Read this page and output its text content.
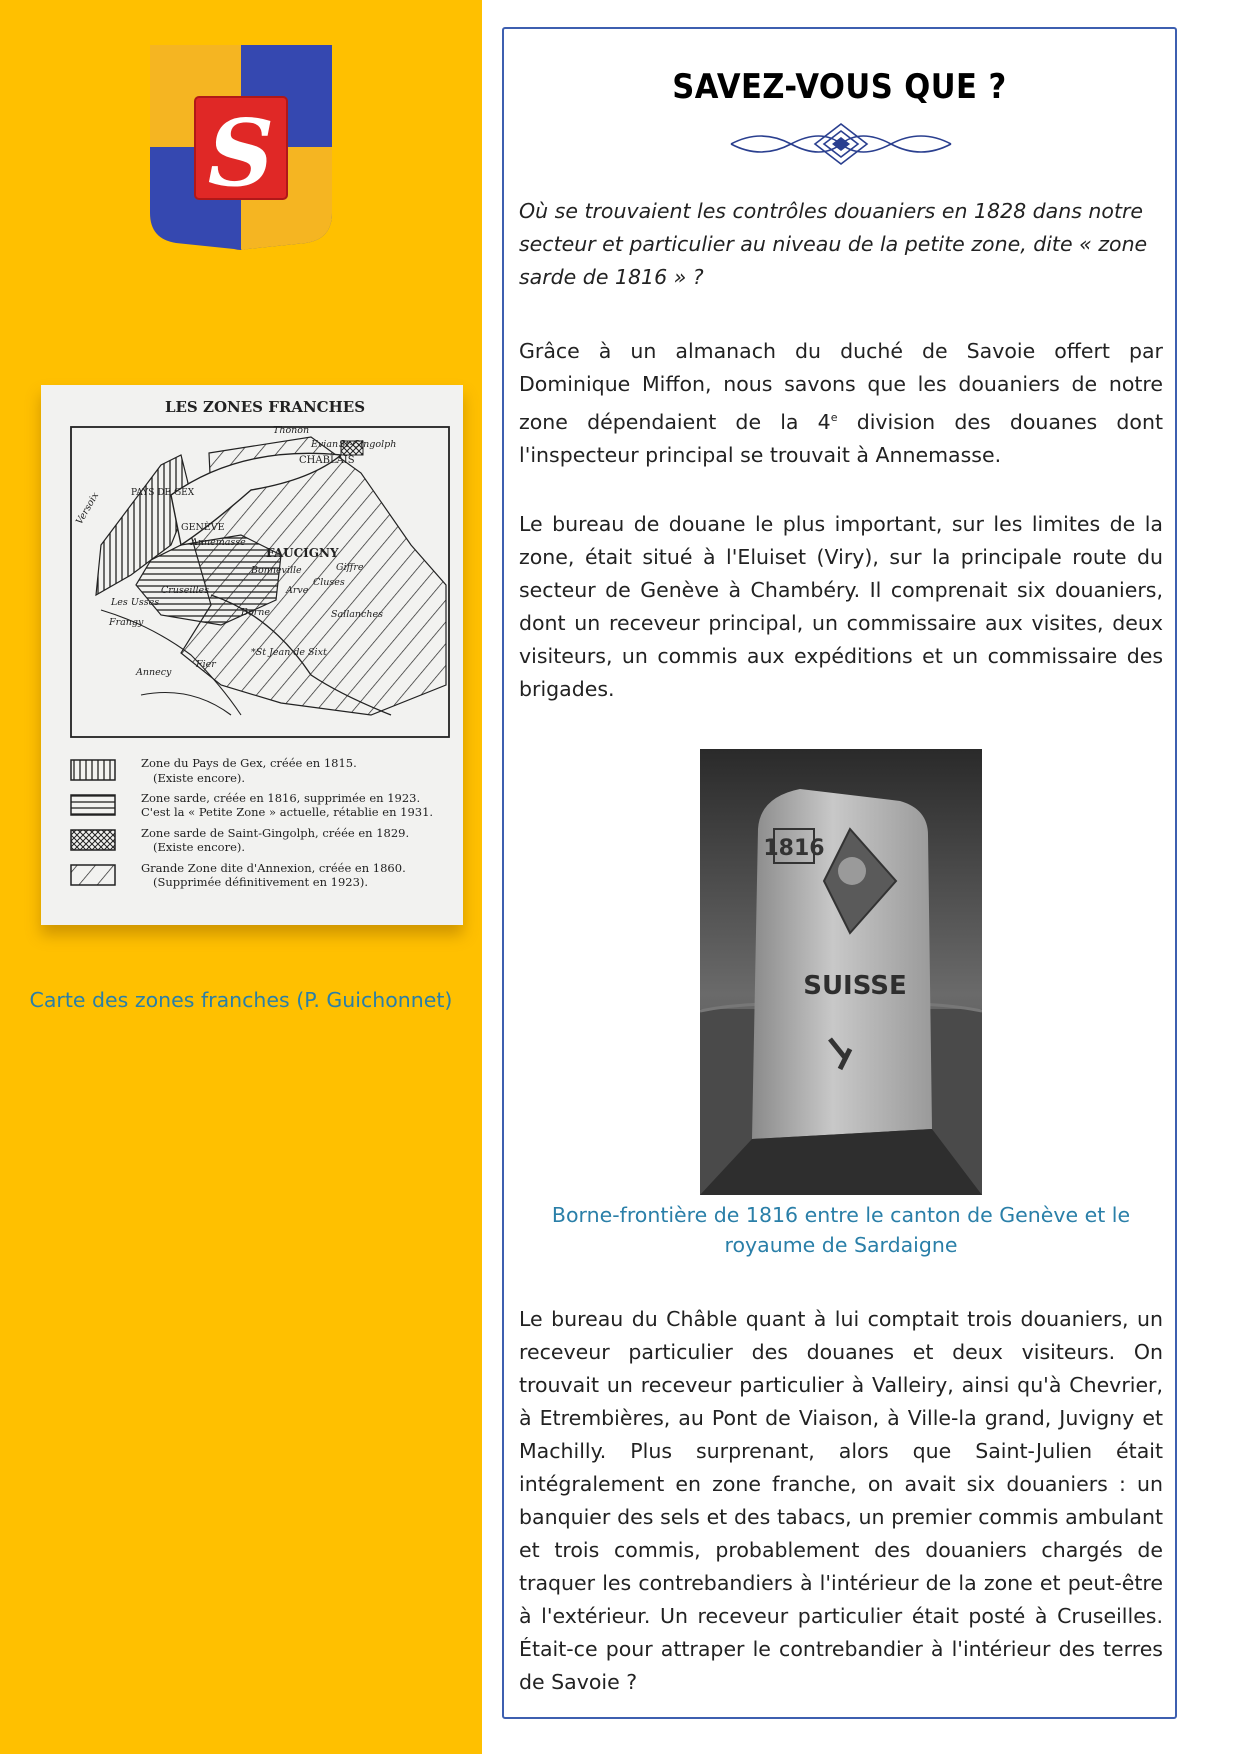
S
LES ZONES FRANCHES
Thonon
Evian St-Gingolph
CHABLAIS
PAYS DE GEX
Versoix
GENÈVE
Annemasse
FAUCIGNY
Bonneville	Giffre
Arve
Cluses
Cruseilles
Les Usses
Frangy
Borne	Sallanches
*St Jean de Sixt
Annecy
Fier
Zone du Pays de Gex, créée en 1815.
(Existe encore).
Zone sarde, créée en 1816, supprimée en 1923.
C'est la « Petite Zone » actuelle, rétablie en 1931.
Zone sarde de Saint-Gingolph, créée en 1829.
(Existe encore).
Grande Zone dite d'Annexion, créée en 1860.
(Supprimée définitivement en 1923).
Carte des zones franches (P. Guichonnet)
SAVEZ-VOUS QUE ?
Où se trouvaient les contrôles douaniers en 1828 dans notre secteur et particulier au niveau de la petite zone, dite « zone sarde de 1816 » ?
Grâce à un almanach du duché de Savoie offert par Dominique Miffon, nous savons que les douaniers de notre zone dépendaient de la 4e division des douanes dont l'inspecteur principal se trouvait à Annemasse.
Le bureau de douane le plus important, sur les limites de la zone, était situé à l'Eluiset (Viry), sur la principale route du secteur de Genève à Chambéry. Il comprenait six douaniers, dont un receveur principal, un commissaire aux visites, deux visiteurs, un commis aux expéditions et un commissaire des brigades.
1816
SUISSE
Borne-frontière de 1816 entre le canton de Genève et le royaume de Sardaigne
Le bureau du Châble quant à lui comptait trois douaniers, un receveur particulier des douanes et deux visiteurs. On trouvait un receveur particulier à Valleiry, ainsi qu'à Chevrier, à Etrembières, au Pont de Viaison, à Ville-la grand, Juvigny et Machilly. Plus surprenant, alors que Saint-Julien était intégralement en zone franche, on avait six douaniers : un banquier des sels et des tabacs, un premier commis ambulant et trois commis, probablement des douaniers chargés de traquer les contrebandiers à l'intérieur de la zone et peut-être à l'extérieur. Un receveur particulier était posté à Cruseilles. Était-ce pour attraper le contrebandier à l'intérieur des terres de Savoie ?
